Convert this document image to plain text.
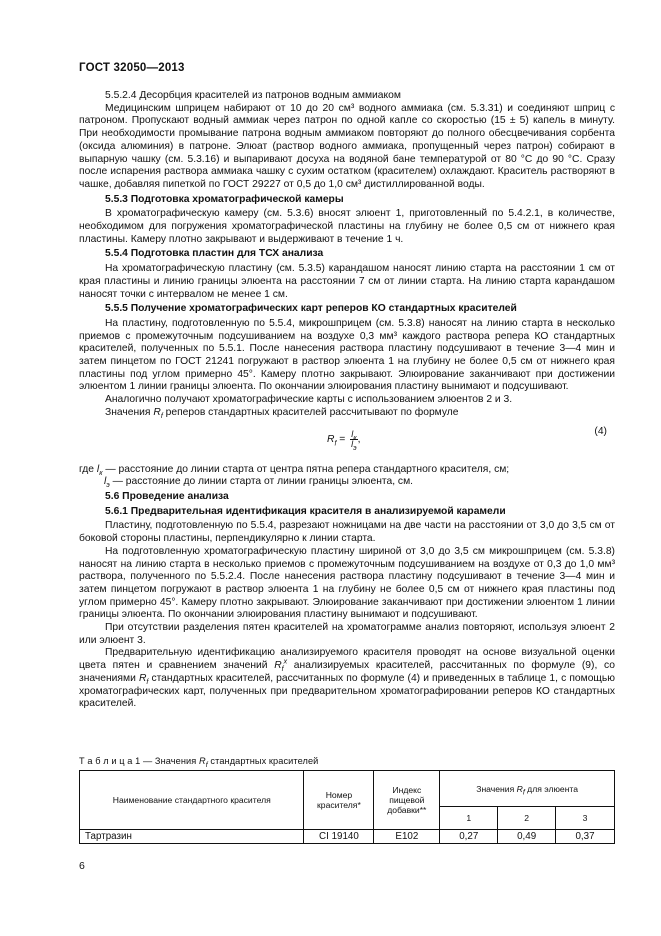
ГОСТ 32050—2013

5.5.2.4 Десорбция красителей из патронов водным аммиаком

Медицинским шприцем набирают от 10 до 20 см³ водного аммиака (см. 5.3.31) и соединяют шприц с патроном. Пропускают водный аммиак через патрон по одной капле со скоростью (15 ± 5) капель в минуту. При необходимости промывание патрона водным аммиаком повторяют до полного обесцвечивания сорбента (оксида алюминия) в патроне. Элюат (раствор водного аммиака, пропущенный через патрон) собирают в выпарную чашку (см. 5.3.16) и выпаривают досуха на водяной бане температурой от 80 °С до 90 °С. Сразу после испарения раствора аммиака чашку с сухим остатком (красителем) охлаждают. Краситель растворяют в чашке, добавляя пипеткой по ГОСТ 29227 от 0,5 до 1,0 см³ дистиллированной воды.

5.5.3 Подготовка хроматографической камеры

В хроматографическую камеру (см. 5.3.6) вносят элюент 1, приготовленный по 5.4.2.1, в количестве, необходимом для погружения хроматографической пластины на глубину не более 0,5 см от нижнего края пластины. Камеру плотно закрывают и выдерживают в течение 1 ч.

5.5.4 Подготовка пластин для ТСХ анализа

На хроматографическую пластину (см. 5.3.5) карандашом наносят линию старта на расстоянии 1 см от края пластины и линию границы элюента на расстоянии 7 см от линии старта. На линию старта карандашом наносят точки с интервалом не менее 1 см.

5.5.5 Получение хроматографических карт реперов КО стандартных красителей

На пластину, подготовленную по 5.5.4, микрошприцем (см. 5.3.8) наносят на линию старта в несколько приемов с промежуточным подсушиванием на воздухе 0,3 мм³ каждого раствора репера КО стандартных красителей, полученных по 5.5.1. После нанесения раствора пластину подсушивают в течение 3—4 мин и затем пинцетом по ГОСТ 21241 погружают в раствор элюента 1 на глубину не более 0,5 см от нижнего края пластины под углом примерно 45°. Камеру плотно закрывают. Элюирование заканчивают при достижении элюентом 1 линии границы элюента. По окончании элюирования пластину вынимают и подсушивают.

Аналогично получают хроматографические карты с использованием элюентов 2 и 3.

Значения $R_f$ реперов стандартных красителей рассчитывают по формуле

$R_f = \frac{l_к}{l_э}$ ,
(4)

где $l_к$ — расстояние до линии старта от центра пятна репера стандартного красителя, см;

$l_э$ — расстояние до линии старта от линии границы элюента, см.

5.6 Проведение анализа

5.6.1 Предварительная идентификация красителя в анализируемой карамели

Пластину, подготовленную по 5.5.4, разрезают ножницами на две части на расстоянии от 3,0 до 3,5 см от боковой стороны пластины, перпендикулярно к линии старта.

На подготовленную хроматографическую пластину шириной от 3,0 до 3,5 см микрошприцем (см. 5.3.8) наносят на линию старта в несколько приемов с промежуточным подсушиванием на воздухе от 0,3 до 1,0 мм³ раствора, полученного по 5.5.2.4. После нанесения раствора пластину подсушивают в течение 3—4 мин и затем пинцетом погружают в раствор элюента 1 на глубину не более 0,5 см от нижнего края пластины под углом примерно 45°. Камеру плотно закрывают. Элюирование заканчивают при достижении элюентом 1 линии границы элюента. По окончании элюирования пластину вынимают и подсушивают.

При отсутствии разделения пятен красителей на хроматограмме анализ повторяют, используя элюент 2 или элюент 3.

Предварительную идентификацию анализируемого красителя проводят на основе визуальной оценки цвета пятен и сравнением значений $R_f^x$ анализируемых красителей, рассчитанных по формуле (9), со значениями $R_f$ стандартных красителей, рассчитанных по формуле (4) и приведенных в таблице 1, с помощью хроматографических карт, полученных при предварительном хроматографировании реперов КО стандартных красителей.

Т а б л и ц а 1 — Значения $R_f$ стандартных красителей
Наименование стандартного красителя	Номер красителя*	Индекс пищевой добавки**	Значения $R_f$ для элюента		
			1	2	3
Тартразин	CI 19140	E102	0,27	0,49	0,37
6
